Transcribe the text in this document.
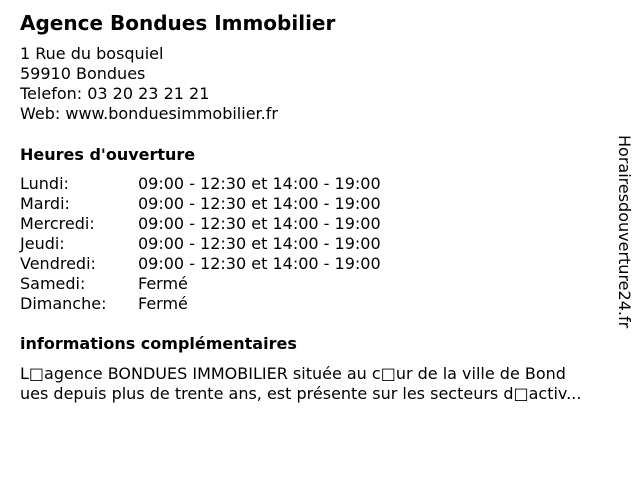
Agence Bondues Immobilier
1 Rue du bosquiel
59910 Bondues
Telefon: 03 20 23 21 21
Web: www.bonduesimmobilier.fr
Heures d'ouverture
Lundi:	09:00 - 12:30 et 14:00 - 19:00
Mardi:	09:00 - 12:30 et 14:00 - 19:00
Mercredi:	09:00 - 12:30 et 14:00 - 19:00
Jeudi:	09:00 - 12:30 et 14:00 - 19:00
Vendredi:	09:00 - 12:30 et 14:00 - 19:00
Samedi:	Fermé
Dimanche:	Fermé
informations complémentaires
L□agence BONDUES IMMOBILIER située au c□ur de la ville de Bond
ues depuis plus de trente ans, est présente sur les secteurs d□activ...
Horairesdouverture24.fr
